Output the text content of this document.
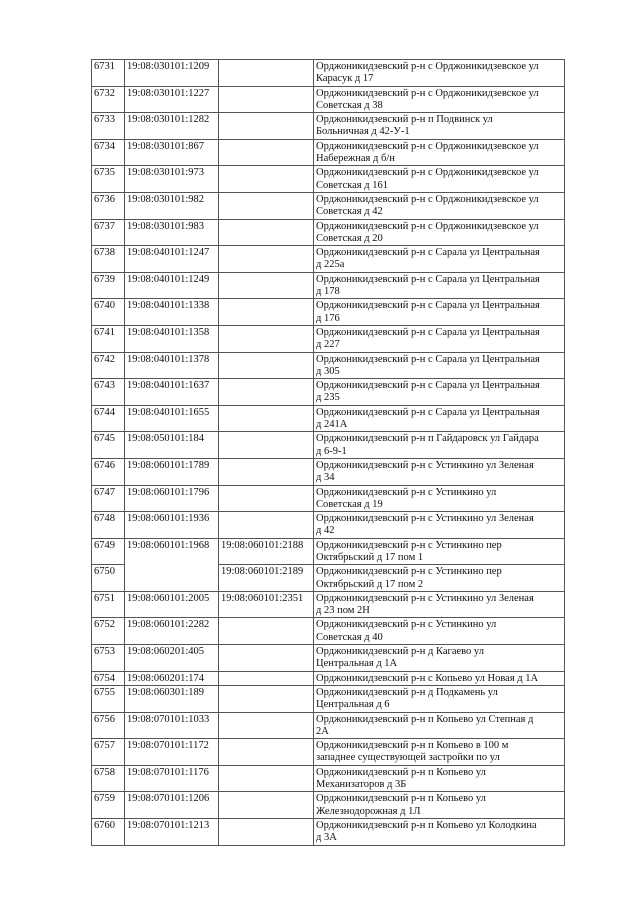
6731	19:08:030101:1209		Орджоникидзевский р-н с Орджоникидзевское ул
Карасук д 17

6732	19:08:030101:1227		Орджоникидзевский р-н с Орджоникидзевское ул
Советская д 38

6733	19:08:030101:1282		Орджоникидзевский р-н п Подвинск ул
Больничная д 42-У-1

6734	19:08:030101:867		Орджоникидзевский р-н с Орджоникидзевское ул
Набережная д б/н

6735	19:08:030101:973		Орджоникидзевский р-н с Орджоникидзевское ул
Советская д 161

6736	19:08:030101:982		Орджоникидзевский р-н с Орджоникидзевское ул
Советская д 42

6737	19:08:030101:983		Орджоникидзевский р-н с Орджоникидзевское ул
Советская д 20

6738	19:08:040101:1247		Орджоникидзевский р-н с Сарала ул Центральная
д 225а

6739	19:08:040101:1249		Орджоникидзевский р-н с Сарала ул Центральная
д 178

6740	19:08:040101:1338		Орджоникидзевский р-н с Сарала ул Центральная
д 176

6741	19:08:040101:1358		Орджоникидзевский р-н с Сарала ул Центральная
д 227

6742	19:08:040101:1378		Орджоникидзевский р-н с Сарала ул Центральная
д 305

6743	19:08:040101:1637		Орджоникидзевский р-н с Сарала ул Центральная
д 235

6744	19:08:040101:1655		Орджоникидзевский р-н с Сарала ул Центральная
д 241А

6745	19:08:050101:184		Орджоникидзевский р-н п Гайдаровск ул Гайдара
д 6-9-1

6746	19:08:060101:1789		Орджоникидзевский р-н с Устинкино ул Зеленая
д 34

6747	19:08:060101:1796		Орджоникидзевский р-н с Устинкино ул
Советская д 19

6748	19:08:060101:1936		Орджоникидзевский р-н с Устинкино ул Зеленая
д 42

6749	19:08:060101:1968	19:08:060101:2188	Орджоникидзевский р-н с Устинкино пер
Октябрьский д 17 пом 1

6750		19:08:060101:2189	Орджоникидзевский р-н с Устинкино пер
Октябрьский д 17 пом 2

6751	19:08:060101:2005	19:08:060101:2351	Орджоникидзевский р-н с Устинкино ул Зеленая
д 23 пом 2Н

6752	19:08:060101:2282		Орджоникидзевский р-н с Устинкино ул
Советская д 40

6753	19:08:060201:405		Орджоникидзевский р-н д Кагаево ул
Центральная д 1А

6754	19:08:060201:174		Орджоникидзевский р-н с Копьево ул Новая д 1А

6755	19:08:060301:189		Орджоникидзевский р-н д Подкамень ул
Центральная д 6

6756	19:08:070101:1033		Орджоникидзевский р-н п Копьево ул Степная д
2А

6757	19:08:070101:1172		Орджоникидзевский р-н п Копьево в 100 м
западнее существующей застройки по ул

6758	19:08:070101:1176		Орджоникидзевский р-н п Копьево ул
Механизаторов д 3Б

6759	19:08:070101:1206		Орджоникидзевский р-н п Копьево ул
Железнодорожная д 1Л

6760	19:08:070101:1213		Орджоникидзевский р-н п Копьево ул Колодкина
д 3А
